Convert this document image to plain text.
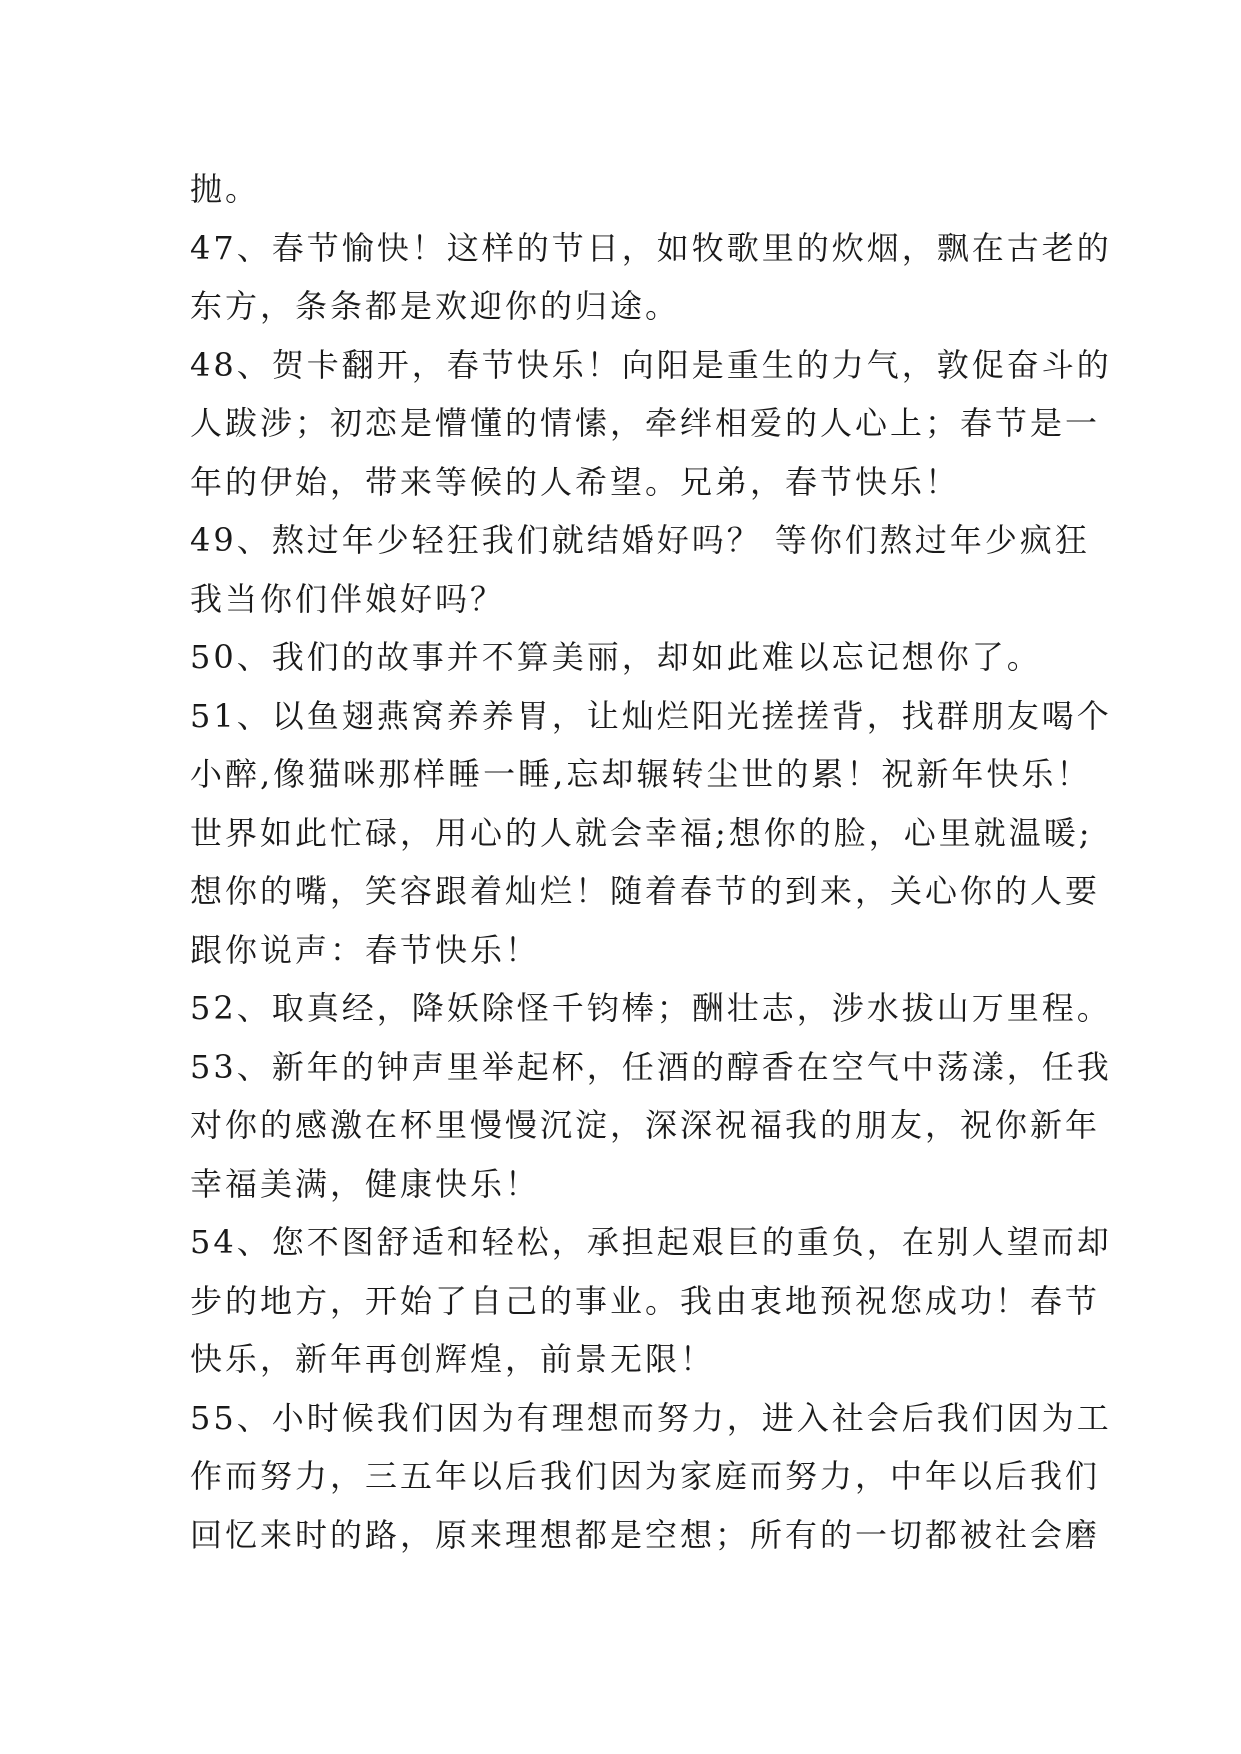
抛。
47、春节愉快！这样的节日，如牧歌里的炊烟，飘在古老的
东方，条条都是欢迎你的归途。
48、贺卡翻开，春节快乐！向阳是重生的力气，敦促奋斗的
人跋涉；初恋是懵懂的情愫，牵绊相爱的人心上；春节是一
年的伊始，带来等候的人希望。兄弟，春节快乐！
49、熬过年少轻狂我们就结婚好吗？ 等你们熬过年少疯狂
我当你们伴娘好吗？
50、我们的故事并不算美丽，却如此难以忘记想你了。
51、以鱼翅燕窝养养胃，让灿烂阳光搓搓背，找群朋友喝个
小醉,像猫咪那样睡一睡,忘却辗转尘世的累！祝新年快乐！
世界如此忙碌，用心的人就会幸福;想你的脸，心里就温暖;
想你的嘴，笑容跟着灿烂！随着春节的到来，关心你的人要
跟你说声：春节快乐！
52、取真经，降妖除怪千钧棒；酬壮志，涉水拔山万里程。
53、新年的钟声里举起杯，任酒的醇香在空气中荡漾，任我
对你的感激在杯里慢慢沉淀，深深祝福我的朋友，祝你新年
幸福美满，健康快乐！
54、您不图舒适和轻松，承担起艰巨的重负，在别人望而却
步的地方，开始了自己的事业。我由衷地预祝您成功！春节
快乐，新年再创辉煌，前景无限！
55、小时候我们因为有理想而努力，进入社会后我们因为工
作而努力，三五年以后我们因为家庭而努力，中年以后我们
回忆来时的路，原来理想都是空想；所有的一切都被社会磨
